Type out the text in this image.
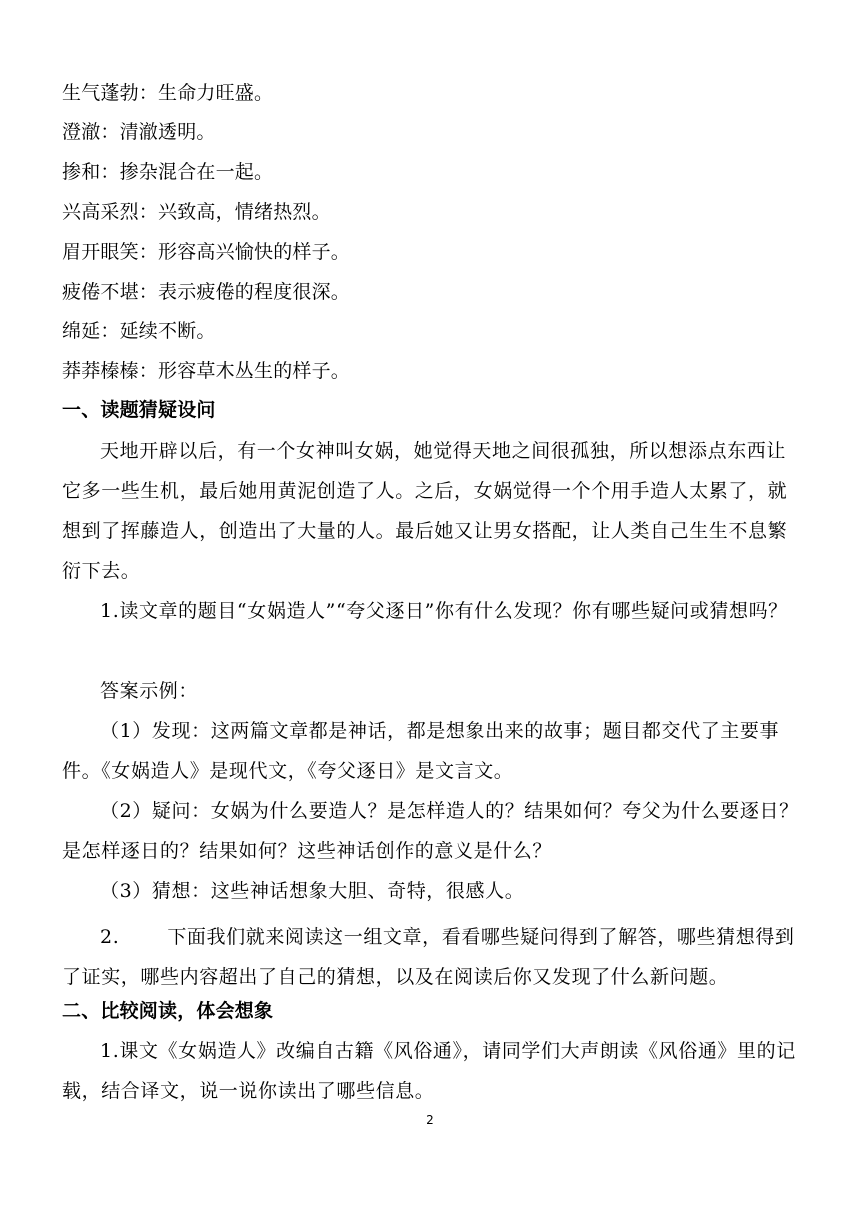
生气蓬勃：生命力旺盛。
澄澈：清澈透明。
掺和：掺杂混合在一起。
兴高采烈：兴致高，情绪热烈。
眉开眼笑：形容高兴愉快的样子。
疲倦不堪：表示疲倦的程度很深。
绵延：延续不断。
莽莽榛榛：形容草木丛生的样子。
一、读题猜疑设问
天地开辟以后，有一个女神叫女娲，她觉得天地之间很孤独，所以想添点东西让它多一些生机，最后她用黄泥创造了人。之后，女娲觉得一个个用手造人太累了，就想到了挥藤造人，创造出了大量的人。最后她又让男女搭配，让人类自己生生不息繁衍下去。
1.读文章的题目“女娲造人”“夸父逐日”你有什么发现？你有哪些疑问或猜想吗？
答案示例：
（1）发现：这两篇文章都是神话，都是想象出来的故事；题目都交代了主要事件。《女娲造人》是现代文，《夸父逐日》是文言文。
（2）疑问：女娲为什么要造人？是怎样造人的？结果如何？夸父为什么要逐日？是怎样逐日的？结果如何？这些神话创作的意义是什么？
（3）猜想：这些神话想象大胆、奇特，很感人。
2.	下面我们就来阅读这一组文章，看看哪些疑问得到了解答，哪些猜想得到了证实，哪些内容超出了自己的猜想，以及在阅读后你又发现了什么新问题。
二、比较阅读，体会想象
1.课文《女娲造人》改编自古籍《风俗通》，请同学们大声朗读《风俗通》里的记载，结合译文，说一说你读出了哪些信息。
2
